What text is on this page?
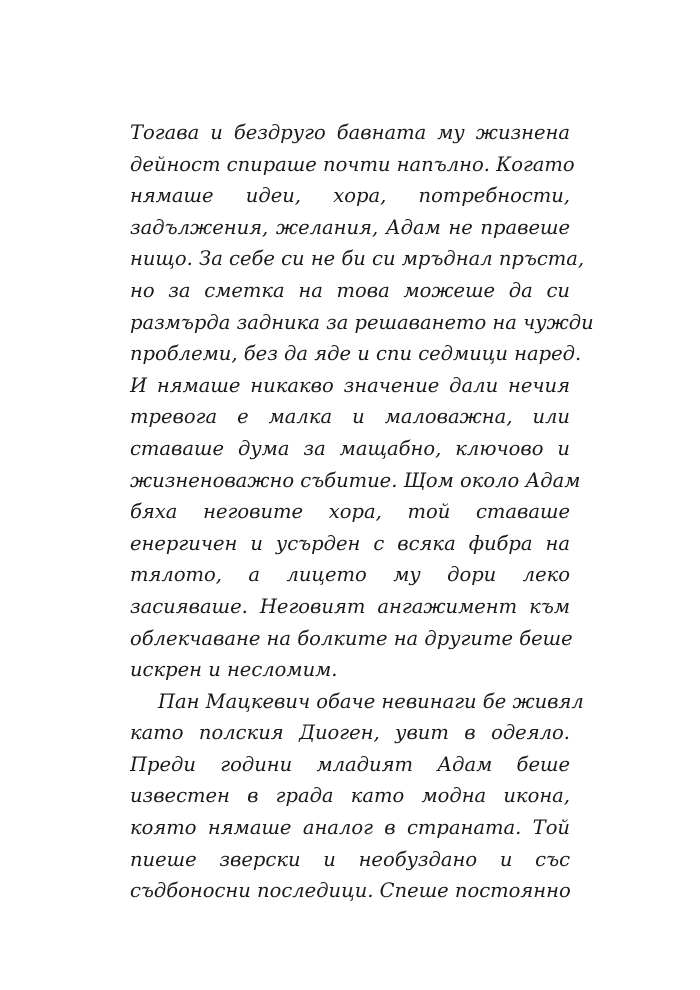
Тогава и бездруго бавната му жизнена
дейност спираше почти напълно. Когато
нямаше идеи, хора, потребности,
задължения, желания, Адам не правеше
нищо. За себе си не би си мръднал пръста,
но за сметка на това можеше да си
размърда задника за решаването на чужди
проблеми, без да яде и спи седмици наред.
И нямаше никакво значение дали нечия
тревога е малка и маловажна, или
ставаше дума за мащабно, ключово и
жизненоважно събитие. Щом около Адам
бяха неговите хора, той ставаше
енергичен и усърден с всяка фибра на
тялото, а лицето му дори леко
засияваше. Неговият ангажимент към
облекчаване на болките на другите беше
искрен и несломим.
Пан Мацкевич обаче невинаги бе живял
като полския Диоген, увит в одеяло.
Преди години младият Адам беше
известен в града като модна икона,
която нямаше аналог в страната. Той
пиеше зверски и необуздано и със
съдбоносни последици. Спеше постоянно
